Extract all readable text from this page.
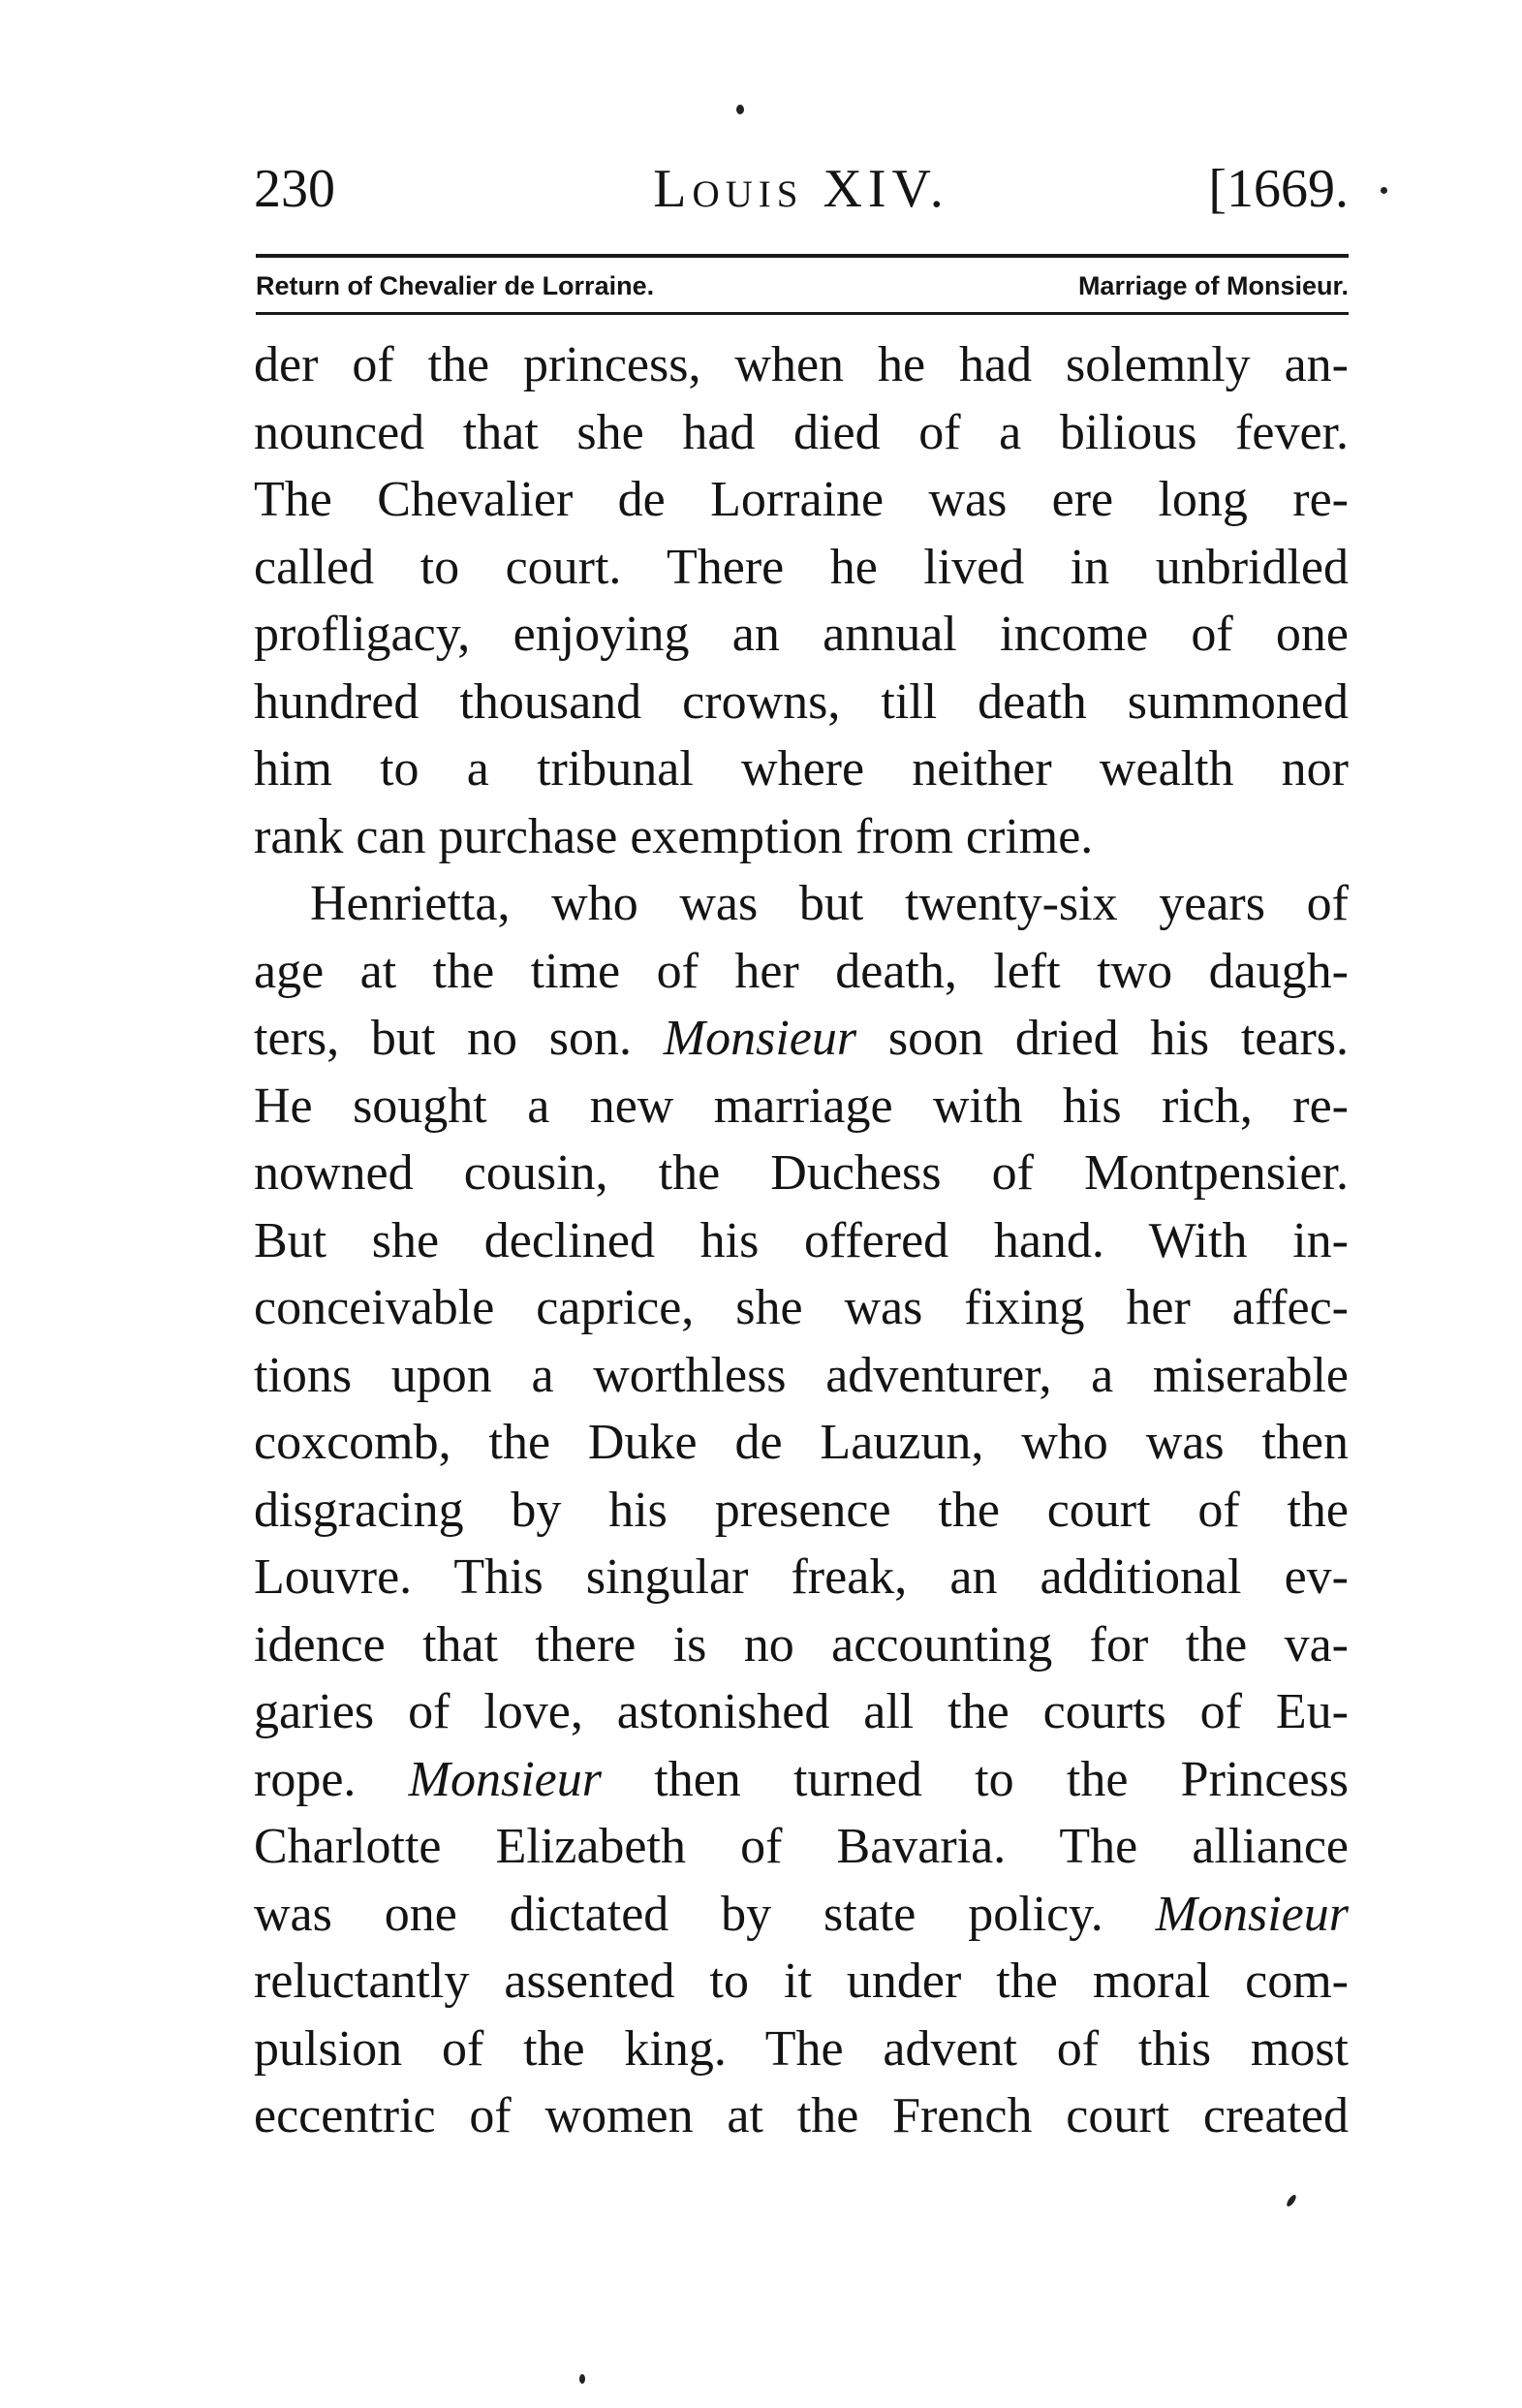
230	Louis XIV.	[1669.
Return of Chevalier de Lorraine.	Marriage of Monsieur.
der of the princess, when he had solemnly an-
nounced that she had died of a bilious fever.
The Chevalier de Lorraine was ere long re-
called to court. There he lived in unbridled
profligacy, enjoying an annual income of one
hundred thousand crowns, till death summoned
him to a tribunal where neither wealth nor
rank can purchase exemption from crime.
Henrietta, who was but twenty-six years of
age at the time of her death, left two daugh-
ters, but no son. Monsieur soon dried his tears.
He sought a new marriage with his rich, re-
nowned cousin, the Duchess of Montpensier.
But she declined his offered hand. With in-
conceivable caprice, she was fixing her affec-
tions upon a worthless adventurer, a miserable
coxcomb, the Duke de Lauzun, who was then
disgracing by his presence the court of the
Louvre. This singular freak, an additional ev-
idence that there is no accounting for the va-
garies of love, astonished all the courts of Eu-
rope. Monsieur then turned to the Princess
Charlotte Elizabeth of Bavaria. The alliance
was one dictated by state policy. Monsieur
reluctantly assented to it under the moral com-
pulsion of the king. The advent of this most
eccentric of women at the French court created
